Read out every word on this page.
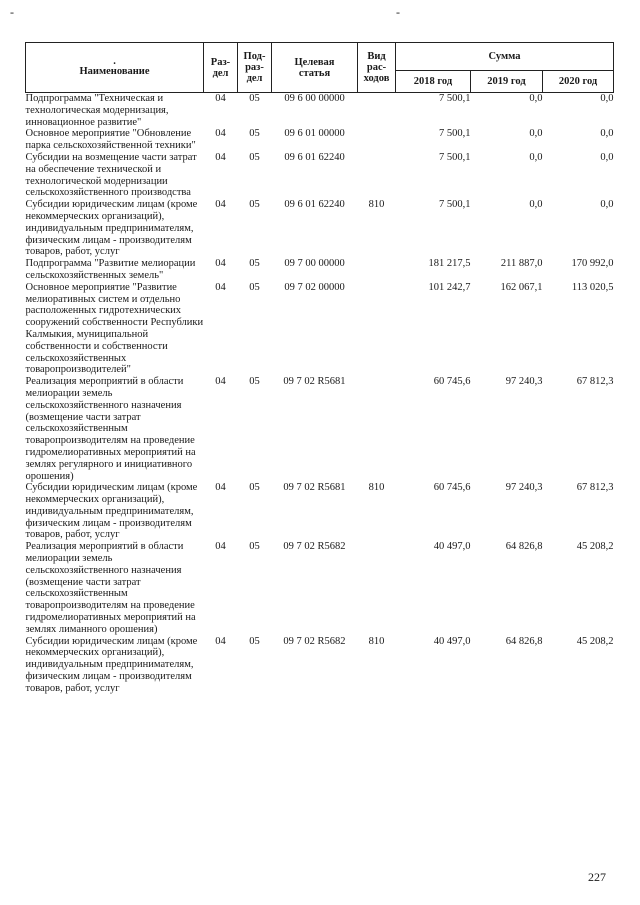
-	-
.
Наименование	Раз-дел	Под-раз-дел	Целевая статья	Вид рас-ходов	Сумма		
					2018 год	2019 год	2020 год
Подпрограмма "Техническая и технологическая модернизация, инновационное развитие"	04	05	09 6 00 00000		7 500,1	0,0	0,0
Основное мероприятие "Обновление парка сельскохозяйственной техники"	04	05	09 6 01 00000		7 500,1	0,0	0,0
Субсидии на возмещение части затрат на обеспечение технической и технологической модернизации сельскохозяйственного производства	04	05	09 6 01 62240		7 500,1	0,0	0,0
Субсидии юридическим лицам (кроме некоммерческих организаций), индивидуальным предпринимателям, физическим лицам - производителям товаров, работ, услуг	04	05	09 6 01 62240	810	7 500,1	0,0	0,0
Подпрограмма "Развитие мелиорации сельскохозяйственных земель"	04	05	09 7 00 00000		181 217,5	211 887,0	170 992,0
Основное мероприятие "Развитие мелиоративных систем и отдельно расположенных гидротехнических сооружений собственности Республики Калмыкия, муниципальной собственности и собственности сельскохозяйственных товаропроизводителей"	04	05	09 7 02 00000		101 242,7	162 067,1	113 020,5
Реализация мероприятий в области мелиорации земель сельскохозяйственного назначения (возмещение части затрат сельскохозяйственным товаропроизводителям на проведение гидромелиоративных мероприятий на землях регулярного и инициативного орошения)	04	05	09 7 02 R5681		60 745,6	97 240,3	67 812,3
Субсидии юридическим лицам (кроме некоммерческих организаций), индивидуальным предпринимателям, физическим лицам - производителям товаров, работ, услуг	04	05	09 7 02 R5681	810	60 745,6	97 240,3	67 812,3
Реализация мероприятий в области мелиорации земель сельскохозяйственного назначения (возмещение части затрат сельскохозяйственным товаропроизводителям на проведение гидромелиоративных мероприятий на землях лиманного орошения)	04	05	09 7 02 R5682		40 497,0	64 826,8	45 208,2
Субсидии юридическим лицам (кроме некоммерческих организаций), индивидуальным предпринимателям, физическим лицам - производителям товаров, работ, услуг	04	05	09 7 02 R5682	810	40 497,0	64 826,8	45 208,2
227
